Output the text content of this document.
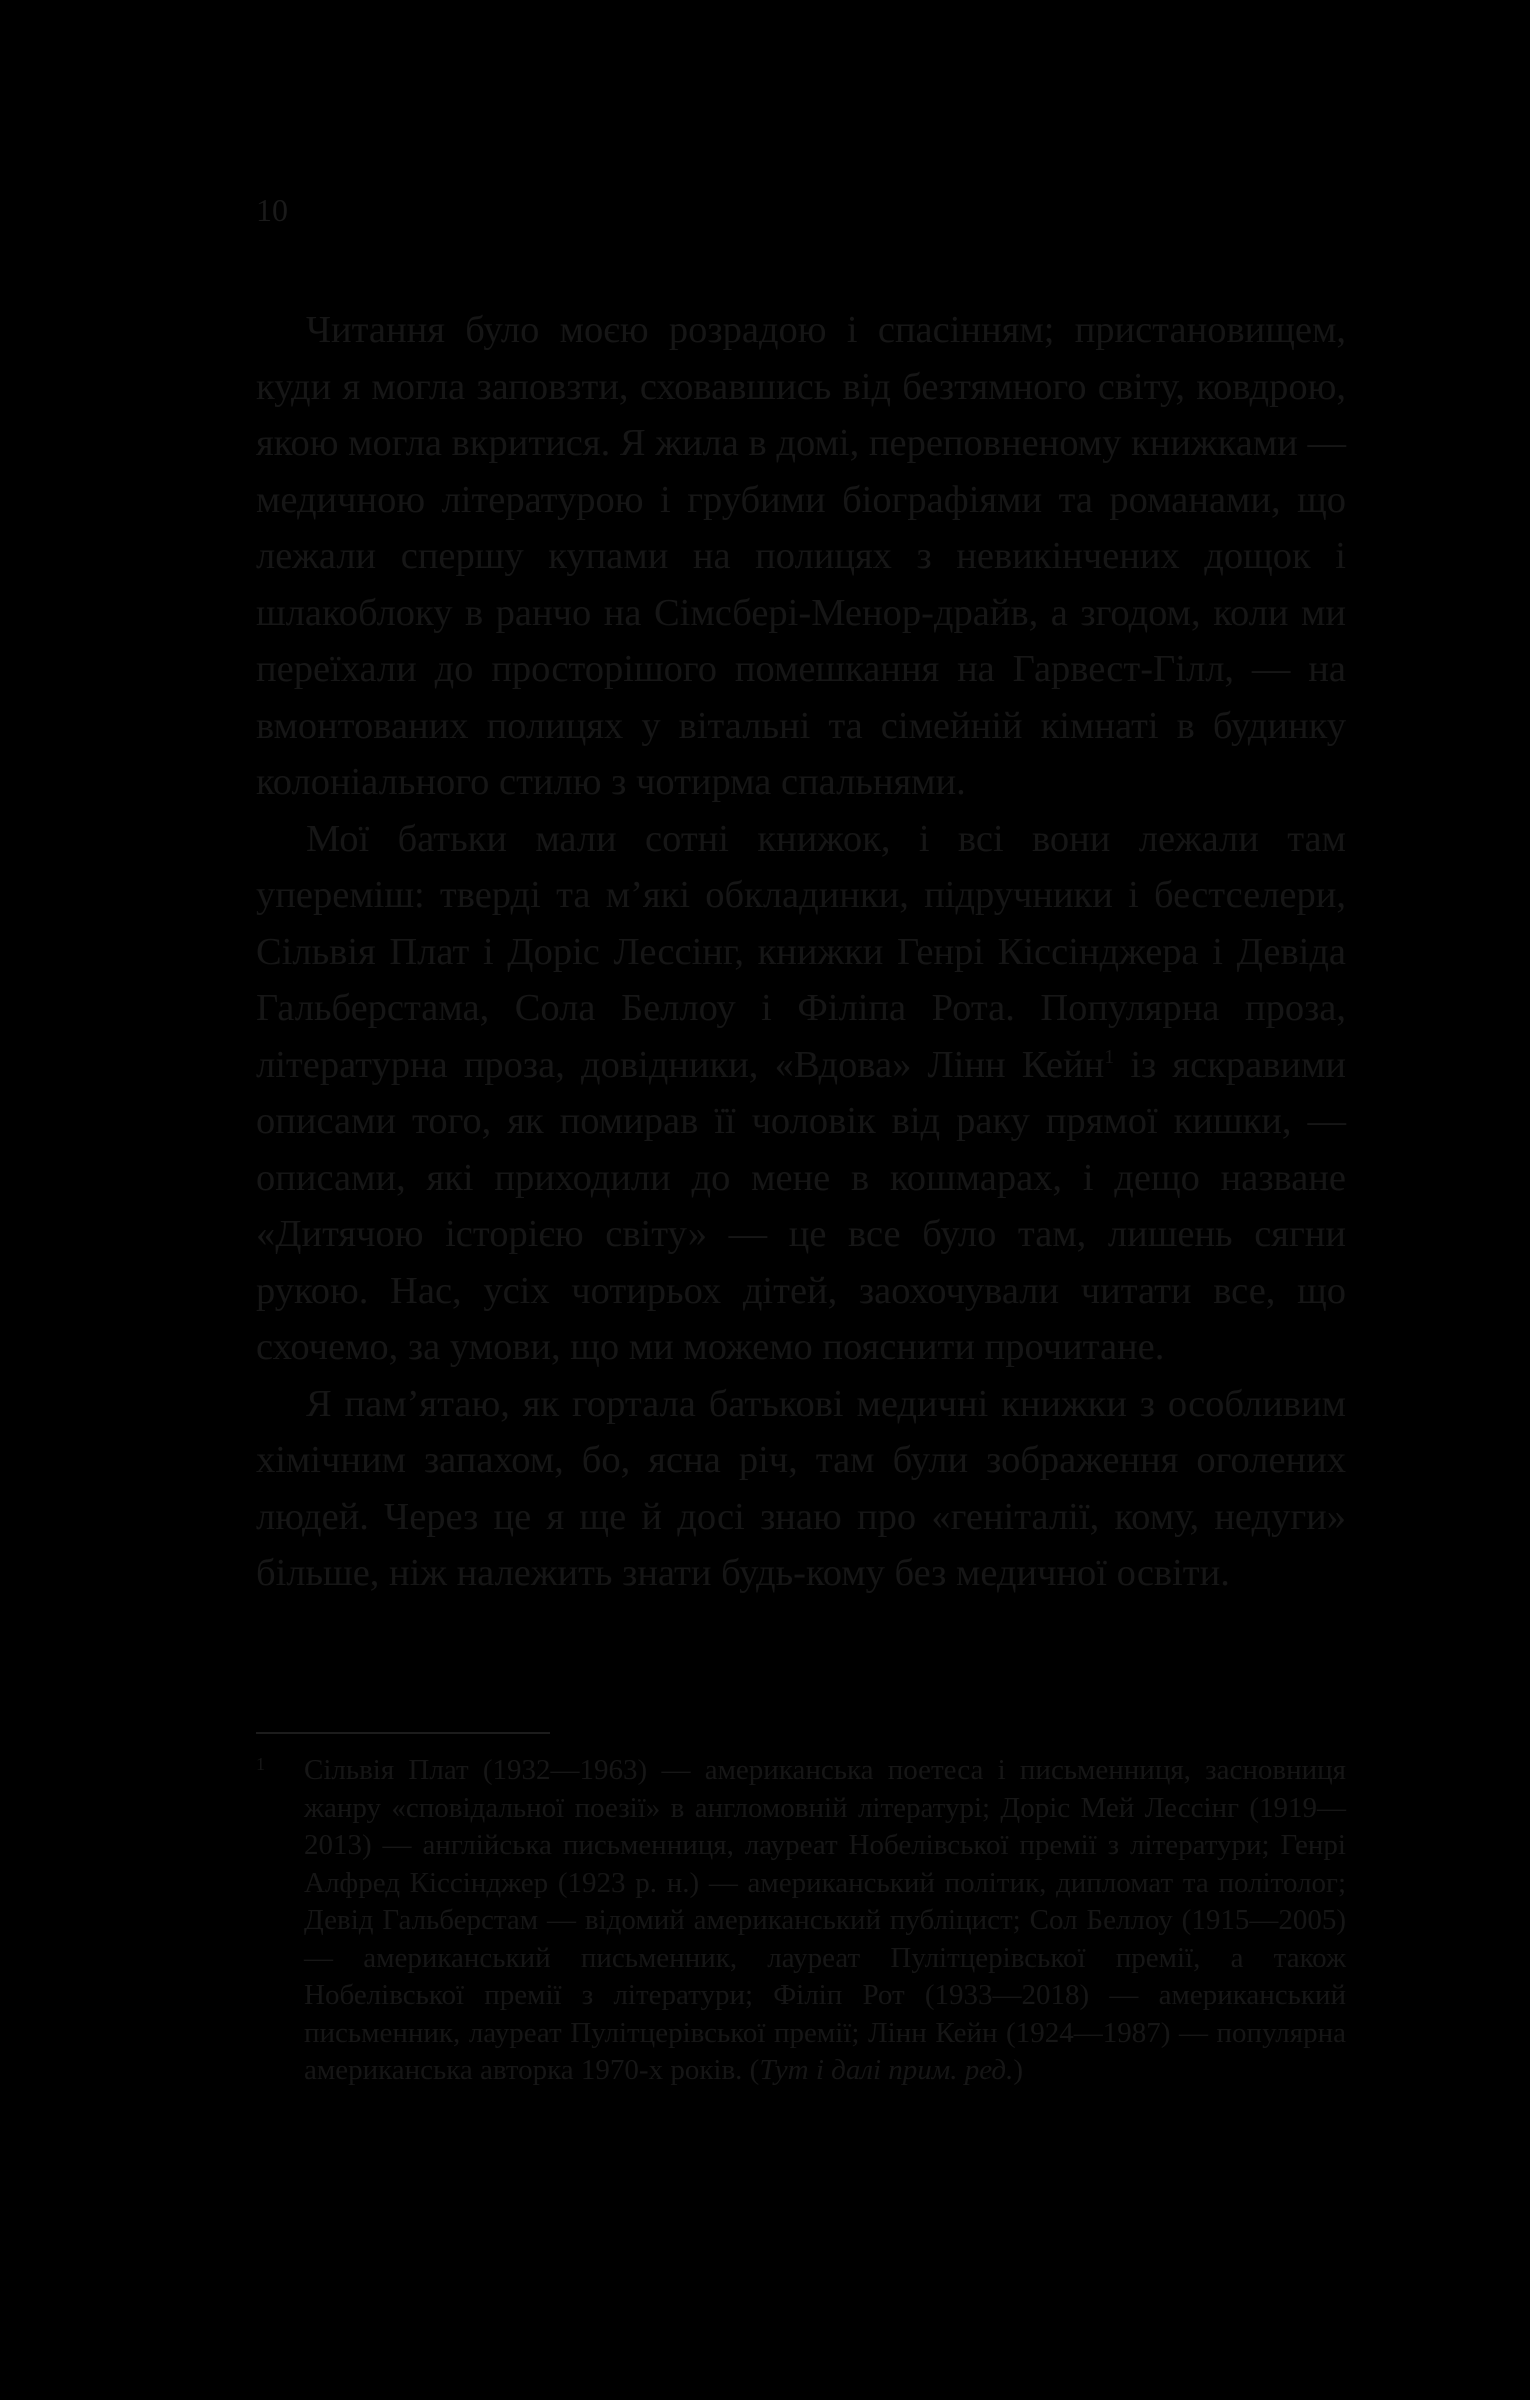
10

Читання було моєю розрадою і спасінням; пристановищем, куди я могла заповзти, сховавшись від безтямного світу, ковдрою, якою могла вкритися. Я жила в домі, переповненому книжками — медичною літературою і грубими біографіями та романами, що лежали спершу купами на полицях з невикінчених дощок і шлакоблоку в ранчо на Сімсбері-Менор-драйв, а згодом, коли ми переїхали до просторішого помешкання на Гарвест-Гілл, — на вмонтованих полицях у вітальні та сімейній кімнаті в будинку колоніального стилю з чотирма спальнями.

Мої батьки мали сотні книжок, і всі вони лежали там упереміш: тверді та м’які обкладинки, підручники і бестселери, Сільвія Плат і Доріс Лессінг, книжки Генрі Кіссінджера і Девіда Гальберстама, Сола Беллоу і Філіпа Рота. Популярна проза, літературна проза, довідники, «Вдова» Лінн Кейн$^1$ із яскравими описами того, як помирав її чоловік від раку прямої кишки, — описами, які приходили до мене в кошмарах, і дещо назване «Дитячою історією світу» — це все було там, лишень сягни рукою. Нас, усіх чотирьох дітей, заохочували читати все, що схочемо, за умови, що ми можемо пояснити прочитане.

Я пам’ятаю, як гортала батькові медичні книжки з особливим хімічним запахом, бо, ясна річ, там були зображення оголених людей. Через це я ще й досі знаю про «геніталії, кому, недуги» більше, ніж належить знати будь-кому без медичної освіти.

1 Сільвія Плат (1932—1963) — американська поетеса і письменниця, засновниця жанру «сповідальної поезії» в англомовній літературі; Доріс Мей Лессінг (1919—2013) — англійська письменниця, лауреат Нобелівської премії з літератури; Генрі Алфред Кіссінджер (1923 р. н.) — американський політик, дипломат та політолог; Девід Гальберстам — відомий американський публіцист; Сол Беллоу (1915—2005) — американський письменник, лауреат Пулітцерівської премії, а також Нобелівської премії з літератури; Філіп Рот (1933—2018) — американський письменник, лауреат Пулітцерівської премії; Лінн Кейн (1924—1987) — популярна американська авторка 1970-х років. (Тут і далі прим. ред.)
